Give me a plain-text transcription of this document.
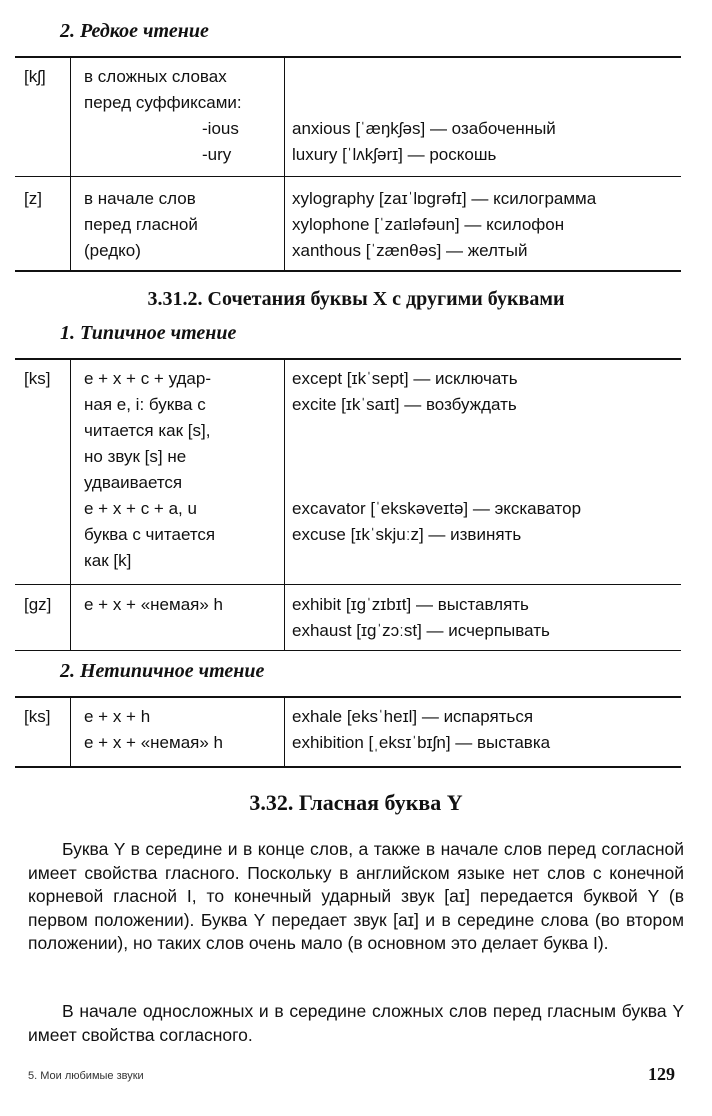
2. Редкое чтение
[kʃ] в сложных словах
перед суффиксами:
-ious
-ury
anxious [ˈæŋkʃəs] — озабоченный
luxury [ˈlʌkʃərɪ] — роскошь
[z] в начале слов
перед гласной
(редко)
xylography [zaɪˈlɒgrəfɪ] — ксилограмма
xylophone [ˈzaɪləfəun] — ксилофон
xanthous [ˈzænθəs] — желтый
3.31.2. Сочетания буквы X с другими буквами
1. Типичное чтение
[ks] е + х + с + удар-
ная е, i: буква с
читается как [s],
но звук [s] не
удваивается
е + х + с + а, u
буква с читается
как [k]
except [ɪkˈsept] — исключать
excite [ɪkˈsaɪt] — возбуждать
excavator [ˈekskəveɪtə] — экскаватор
excuse [ɪkˈskjuːz] — извинять
[gz] е + х + «немая» h	exhibit [ɪgˈzɪbɪt] — выставлять
exhaust [ɪgˈzɔːst] — исчерпывать
2. Нетипичное чтение
[ks] е + х + h
е + х + «немая» h
exhale [eksˈheɪl] — испаряться
exhibition [ˌeksɪˈbɪʃn] — выставка
3.32. Гласная буква Y

Буква Y в середине и в конце слов, а также в начале слов перед согласной имеет свойства гласного. Поскольку в английском языке нет слов с конечной корневой гласной I, то конечный ударный звук [aɪ] передается буквой Y (в первом положении). Буква Y передает звук [aɪ] и в середине слова (во втором положении), но таких слов очень мало (в основном это делает буква I).

В начале односложных и в середине сложных слов перед гласным буква Y имеет свойства согласного.

5. Мои любимые звуки	129
